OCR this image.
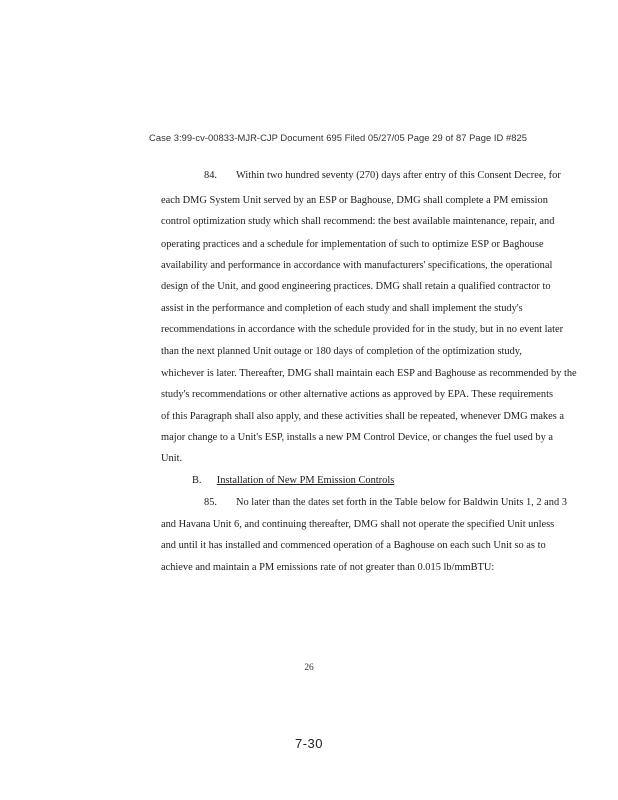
Case 3:99-cv-00833-MJR-CJP Document 695 Filed 05/27/05 Page 29 of 87 Page ID #825
84. Within two hundred seventy (270) days after entry of this Consent Decree, for
each DMG System Unit served by an ESP or Baghouse, DMG shall complete a PM emission
control optimization study which shall recommend: the best available maintenance, repair, and
operating practices and a schedule for implementation of such to optimize ESP or Baghouse
availability and performance in accordance with manufacturers' specifications, the operational
design of the Unit, and good engineering practices. DMG shall retain a qualified contractor to
assist in the performance and completion of each study and shall implement the study's
recommendations in accordance with the schedule provided for in the study, but in no event later
than the next planned Unit outage or 180 days of completion of the optimization study,
whichever is later. Thereafter, DMG shall maintain each ESP and Baghouse as recommended by the
study's recommendations or other alternative actions as approved by EPA. These requirements
of this Paragraph shall also apply, and these activities shall be repeated, whenever DMG makes a
major change to a Unit's ESP, installs a new PM Control Device, or changes the fuel used by a
Unit.
B. Installation of New PM Emission Controls
85. No later than the dates set forth in the Table below for Baldwin Units 1, 2 and 3
and Havana Unit 6, and continuing thereafter, DMG shall not operate the specified Unit unless
and until it has installed and commenced operation of a Baghouse on each such Unit so as to
achieve and maintain a PM emissions rate of not greater than 0.015 lb/mmBTU:
26
7-30
